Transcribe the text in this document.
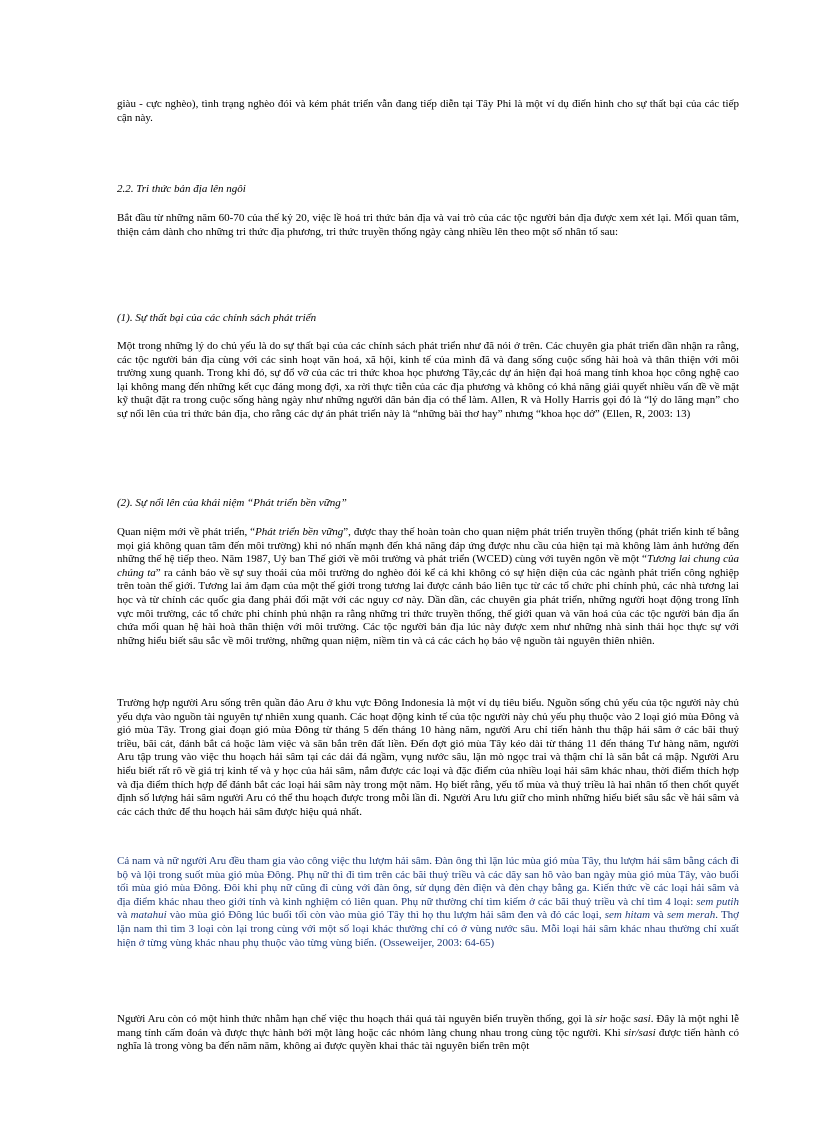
giàu - cực nghèo), tình trạng nghèo đói và kém phát triển vẫn đang tiếp diễn tại Tây Phi là một ví dụ điển hình cho sự thất bại của các tiếp cận này.

2.2. Tri thức bản địa lên ngôi

Bắt đầu từ những năm 60-70 của thế kỷ 20, việc lề hoá tri thức bản địa và vai trò của các tộc người bản địa được xem xét lại. Mối quan tâm, thiện cảm dành cho những tri thức địa phương, tri thức truyền thống ngày càng nhiều lên theo một số nhân tố sau:

(1). Sự thất bại của các chính sách phát triển

Một trong những lý do chủ yếu là do sự thất bại của các chính sách phát triển như đã nói ở trên. Các chuyên gia phát triển dần nhận ra rằng, các tộc người bản địa cùng với các sinh hoạt văn hoá, xã hội, kinh tế của mình đã và đang sống cuộc sống hài hoà và thân thiện với môi trường xung quanh. Trong khi đó, sự đổ vỡ của các tri thức khoa học phương Tây,các dự án hiện đại hoá mang tính khoa học công nghệ cao lại không mang đến những kết cục đáng mong đợi, xa rời thực tiễn của các địa phương và không có khả năng giải quyết nhiều vấn đề về mặt kỹ thuật đặt ra trong cuộc sống hàng ngày như những người dân bản địa có thể làm. Allen, R và Holly Harris gọi đó là “lý do lãng mạn” cho sự nổi lên của tri thức bản địa, cho rằng các dự án phát triển này là “những bài thơ hay” nhưng “khoa học dở” (Ellen, R, 2003: 13)

(2). Sự nổi lên của khái niệm “Phát triển bền vững”

Quan niệm mới về phát triển, “Phát triển bền vững”, được thay thế hoàn toàn cho quan niệm phát triển truyền thống (phát triển kinh tế bằng mọi giá không quan tâm đến môi trường) khi nó nhấn mạnh đến khả năng đáp ứng được nhu cầu của hiện tại mà không làm ảnh hưởng đến những thế hệ tiếp theo. Năm 1987, Uỷ ban Thế giới về môi trường và phát triển (WCED) cùng với tuyên ngôn về một “Tương lai chung của chúng ta” ra cảnh báo về sự suy thoái của môi trường do nghèo đói kể cả khi không có sự hiện diện của các ngành phát triển công nghiệp trên toàn thế giới. Tương lai ảm đạm của một thế giới trong tương lai được cảnh báo liên tục từ các tổ chức phi chính phủ, các nhà tương lai học và từ chính các quốc gia đang phải đối mặt với các nguy cơ này. Dần dần, các chuyên gia phát triển, những người hoạt động trong lĩnh vực môi trường, các tổ chức phi chính phủ nhận ra rằng những tri thức truyền thống, thế giới quan và văn hoá của các tộc người bản địa ẩn chứa mối quan hệ hài hoà thân thiện với môi trường. Các tộc người bản địa lúc này được xem như những nhà sinh thái học thực sự với những hiểu biết sâu sắc về môi trường, những quan niệm, niềm tin và cả các cách họ bảo vệ nguồn tài nguyên thiên nhiên.

Trường hợp người Aru sống trên quần đảo Aru ở khu vực Đông Indonesia là một ví dụ tiêu biểu. Nguồn sống chủ yếu của tộc người này chủ yếu dựa vào nguồn tài nguyên tự nhiên xung quanh. Các hoạt động kinh tế của tộc người này chủ yếu phụ thuộc vào 2 loại gió mùa Đông và gió mùa Tây. Trong giai đoạn gió mùa Đông từ tháng 5 đến tháng 10 hàng năm, người Aru chỉ tiến hành thu thập hải sâm ở các bãi thuỷ triều, bãi cát, đánh bắt cá hoặc làm việc và săn bắn trên đất liền. Đến đợt gió mùa Tây kéo dài từ tháng 11 đến tháng Tư hàng năm, người Aru tập trung vào việc thu hoạch hải sâm tại các dải đá ngầm, vụng nước sâu, lặn mò ngọc trai và thậm chí là săn bắt cá mập. Người Aru hiểu biết rất rõ về giá trị kinh tế và y học của hải sâm, nắm được các loại và đặc điểm của nhiều loại hải sâm khác nhau, thời điểm thích hợp và địa điểm thích hợp để đánh bắt các loại hải sâm này trong một năm. Họ biết rằng, yếu tố mùa và thuỷ triều là hai nhân tố then chốt quyết định số lượng hải sâm người Aru có thể thu hoạch được trong mỗi lần đi. Người Aru lưu giữ cho mình những hiểu biết sâu sắc về hải sâm và các cách thức để thu hoạch hải sâm được hiệu quả nhất.

Cả nam và nữ người Aru đều tham gia vào công việc thu lượm hải sâm. Đàn ông thì lặn lúc mùa gió mùa Tây, thu lượm hải sâm bằng cách đi bộ và lội trong suốt mùa gió mùa Đông. Phụ nữ thì đi tìm trên các bãi thuỷ triều và các dãy san hô vào ban ngày mùa gió mùa Tây, vào buổi tối mùa gió mùa Đông. Đôi khi phụ nữ cũng đi cùng với đàn ông, sử dụng đèn điện và đèn chạy bằng ga. Kiến thức về các loại hải sâm và địa điểm khác nhau theo giới tính và kinh nghiệm có liên quan. Phụ nữ thường chỉ tìm kiếm ở các bãi thuỷ triều và chỉ tìm 4 loại: sem putih và matahui vào mùa gió Đông lúc buổi tối còn vào mùa gió Tây thì họ thu lượm hải sâm đen và đỏ các loại, sem hitam và sem merah. Thợ lặn nam thì tìm 3 loại còn lại trong cùng với một số loại khác thường chỉ có ở vùng nước sâu. Mỗi loại hải sâm khác nhau thường chỉ xuất hiện ở từng vùng khác nhau phụ thuộc vào từng vùng biển. (Osseweijer, 2003: 64-65)

Người Aru còn có một hình thức nhằm hạn chế việc thu hoạch thái quá tài nguyên biển truyền thống, gọi là sir hoặc sasi. Đây là một nghi lễ mang tính cấm đoán và được thực hành bởi một làng hoặc các nhóm làng chung nhau trong cùng tộc người. Khi sir/sasi được tiến hành có nghĩa là trong vòng ba đến năm năm, không ai được quyền khai thác tài nguyên biển trên một
